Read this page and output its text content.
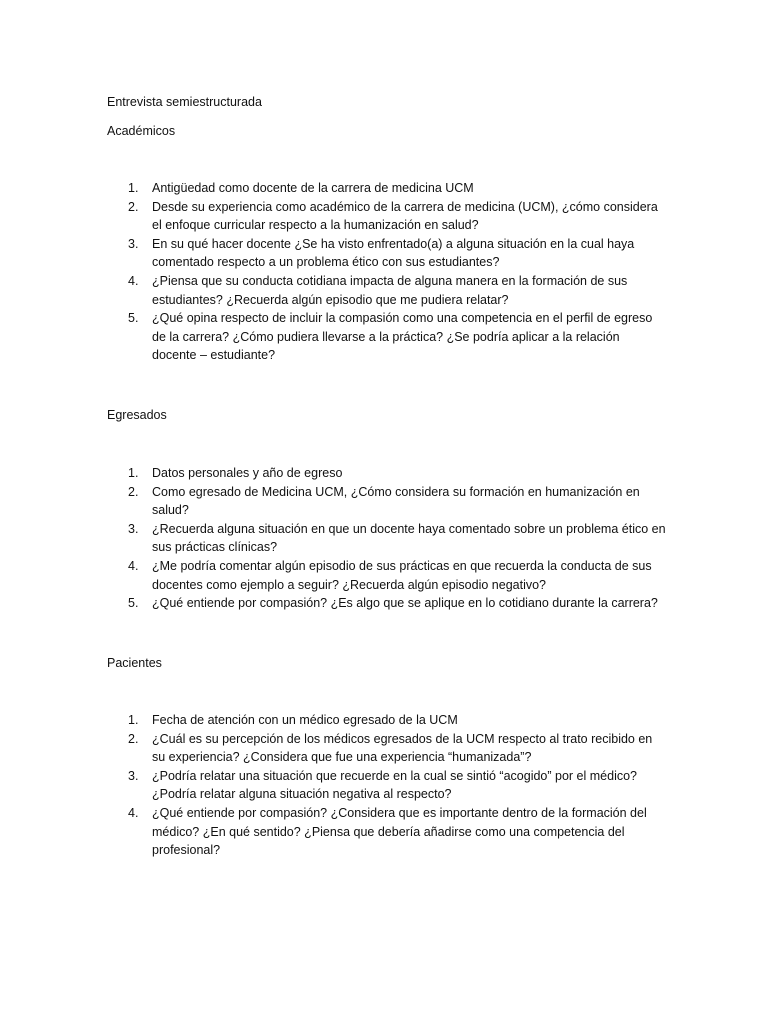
Entrevista semiestructurada
Académicos
1.	Antigüedad como docente de la carrera de medicina UCM
2.	Desde su experiencia como académico de la carrera de medicina (UCM), ¿cómo considera el enfoque curricular respecto a la humanización en salud?
3.	En su qué hacer docente ¿Se ha visto enfrentado(a) a alguna situación en la cual haya comentado respecto a un problema ético con sus estudiantes?
4.	¿Piensa que su conducta cotidiana impacta de alguna manera en la formación de sus estudiantes? ¿Recuerda algún episodio que me pudiera relatar?
5.	¿Qué opina respecto de incluir la compasión como una competencia en el perfil de egreso de la carrera? ¿Cómo pudiera llevarse a la práctica? ¿Se podría aplicar a la relación docente – estudiante?
Egresados
1.	Datos personales y año de egreso
2.	Como egresado de Medicina UCM, ¿Cómo considera su formación en humanización en salud?
3.	¿Recuerda alguna situación en que un docente haya comentado sobre un problema ético en sus prácticas clínicas?
4.	¿Me podría comentar algún episodio de sus prácticas en que recuerda la conducta de sus docentes como ejemplo a seguir? ¿Recuerda algún episodio negativo?
5.	¿Qué entiende por compasión? ¿Es algo que se aplique en lo cotidiano durante la carrera?
Pacientes
1.	Fecha de atención con un médico egresado de la UCM
2.	¿Cuál es su percepción de los médicos egresados de la UCM respecto al trato recibido en su experiencia? ¿Considera que fue una experiencia “humanizada”?
3.	¿Podría relatar una situación que recuerde en la cual se sintió “acogido” por el médico? ¿Podría relatar alguna situación negativa al respecto?
4.	¿Qué entiende por compasión? ¿Considera que es importante dentro de la formación del médico? ¿En qué sentido? ¿Piensa que debería añadirse como una competencia del profesional?
